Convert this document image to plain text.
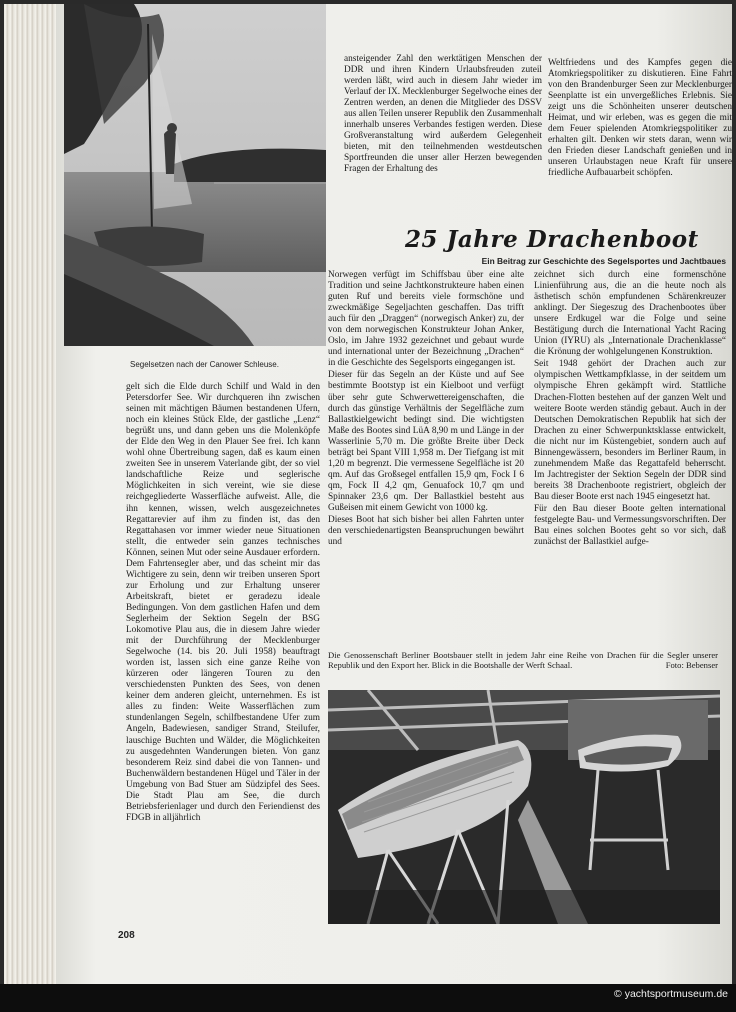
Segelsetzen nach der Canower Schleuse.

ansteigender Zahl den werktätigen Menschen der DDR und ihren Kindern Urlaubsfreuden zuteil werden läßt, wird auch in diesem Jahr wieder im Verlauf der IX. Mecklenburger Segelwoche eines der Zentren werden, an denen die Mitglieder des DSSV aus allen Teilen unserer Republik den Zusammenhalt innerhalb unseres Verbandes festigen werden. Diese Großveranstaltung wird außerdem Gelegenheit bieten, mit den teilnehmenden westdeutschen Sportfreunden die unser aller Herzen bewegenden Fragen der Erhaltung des

Weltfriedens und des Kampfes gegen die Atomkriegspolitiker zu diskutieren. Eine Fahrt von den Brandenburger Seen zur Mecklenburger Seenplatte ist ein unvergeßliches Erlebnis. Sie zeigt uns die Schönheiten unserer deutschen Heimat, und wir erleben, was es gegen die mit dem Feuer spielenden Atomkriegspolitiker zu erhalten gilt. Denken wir stets daran, wenn wir den Frieden dieser Landschaft genießen und in unseren Urlaubstagen neue Kraft für unsere friedliche Aufbauarbeit schöpfen.

25 Jahre Drachenboot
Ein Beitrag zur Geschichte des Segelsportes und Jachtbaues

gelt sich die Elde durch Schilf und Wald in den Petersdorfer See. Wir durchqueren ihn zwischen seinen mit mächtigen Bäumen bestandenen Ufern, noch ein kleines Stück Elde, der gastliche „Lenz“ begrüßt uns, und dann geben uns die Molenköpfe der Elde den Weg in den Plauer See frei. Ich kann wohl ohne Übertreibung sagen, daß es kaum einen zweiten See in unserem Vaterlande gibt, der so viel landschaftliche Reize und seglerische Möglichkeiten in sich vereint, wie sie diese reichgegliederte Wasserfläche aufweist. Alle, die ihn kennen, wissen, welch ausgezeichnetes Regattarevier auf ihm zu finden ist, das den Regattahasen vor immer wieder neue Situationen stellt, die entweder sein ganzes technisches Können, seinen Mut oder seine Ausdauer erfordern. Dem Fahrtensegler aber, und das scheint mir das Wichtigere zu sein, denn wir treiben unseren Sport zur Erholung und zur Erhaltung unserer Arbeitskraft, bietet er geradezu ideale Bedingungen. Von dem gastlichen Hafen und dem Seglerheim der Sektion Segeln der BSG Lokomotive Plau aus, die in diesem Jahre wieder mit der Durchführung der Mecklenburger Segelwoche (14. bis 20. Juli 1958) beauftragt worden ist, lassen sich eine ganze Reihe von kürzeren oder längeren Touren zu den verschiedensten Punkten des Sees, von denen keiner dem anderen gleicht, unternehmen. Es ist alles zu finden: Weite Wasserflächen zum stundenlangen Segeln, schilfbestandene Ufer zum Angeln, Badewiesen, sandiger Strand, Steilufer, lauschige Buchten und Wälder, die Möglichkeiten zu ausgedehnten Wanderungen bieten. Von ganz besonderem Reiz sind dabei die von Tannen- und Buchenwäldern bestandenen Hügel und Täler in der Umgebung von Bad Stuer am Südzipfel des Sees. Die Stadt Plau am See, die durch Betriebsferienlager und durch den Feriendienst des FDGB in alljährlich

Norwegen verfügt im Schiffsbau über eine alte Tradition und seine Jachtkonstrukteure haben einen guten Ruf und bereits viele formschöne und zweckmäßige Segeljachten geschaffen. Das trifft auch für den „Draggen“ (norwegisch Anker) zu, der von dem norwegischen Konstrukteur Johan Anker, Oslo, im Jahre 1932 gezeichnet und gebaut wurde und international unter der Bezeichnung „Drachen“ in die Geschichte des Segelsports eingegangen ist.

Dieser für das Segeln an der Küste und auf See bestimmte Bootstyp ist ein Kielboot und verfügt über sehr gute Schwerwettereigenschaften, die durch das günstige Verhältnis der Segelfläche zum Ballastkielgewicht bedingt sind. Die wichtigsten Maße des Bootes sind LüA 8,90 m und Länge in der Wasserlinie 5,70 m. Die größte Breite über Deck beträgt bei Spant VIII 1,958 m. Der Tiefgang ist mit 1,20 m begrenzt. Die vermessene Segelfläche ist 20 qm. Auf das Großsegel entfallen 15,9 qm, Fock I 6 qm, Fock II 4,2 qm, Genuafock 10,7 qm und Spinnaker 23,6 qm. Der Ballastkiel besteht aus Gußeisen mit einem Gewicht von 1000 kg.

Dieses Boot hat sich bisher bei allen Fahrten unter den verschiedenartigsten Beanspruchungen bewährt und

zeichnet sich durch eine formenschöne Linienführung aus, die an die heute noch als ästhetisch schön empfundenen Schärenkreuzer anklingt. Der Siegeszug des Drachenbootes über unsere Erdkugel war die Folge und seine Bestätigung durch die International Yacht Racing Union (IYRU) als „Internationale Drachenklasse“ die Krönung der wohlgelungenen Konstruktion.

Seit 1948 gehört der Drachen auch zur olympischen Wettkampfklasse, in der seitdem um olympische Ehren gekämpft wird. Stattliche Drachen-Flotten bestehen auf der ganzen Welt und weitere Boote werden ständig gebaut. Auch in der Deutschen Demokratischen Republik hat sich der Drachen zu einer Schwerpunktsklasse entwickelt, die nicht nur im Küstengebiet, sondern auch auf Binnengewässern, besonders im Berliner Raum, in zunehmendem Maße das Regattafeld beherrscht. Im Jachtregister der Sektion Segeln der DDR sind bereits 38 Drachenboote registriert, obgleich der Bau dieser Boote erst nach 1945 eingesetzt hat.

Für den Bau dieser Boote gelten international festgelegte Bau- und Vermessungsvorschriften. Der Bau eines solchen Bootes geht so vor sich, daß zunächst der Ballastkiel aufge-

Die Genossenschaft Berliner Bootsbauer stellt in jedem Jahr eine Reihe von Drachen für die Segler unserer Republik und den Export her. Blick in die Bootshalle der Werft Schaal.	Foto: Bebenser
208
© yachtsportmuseum.de
